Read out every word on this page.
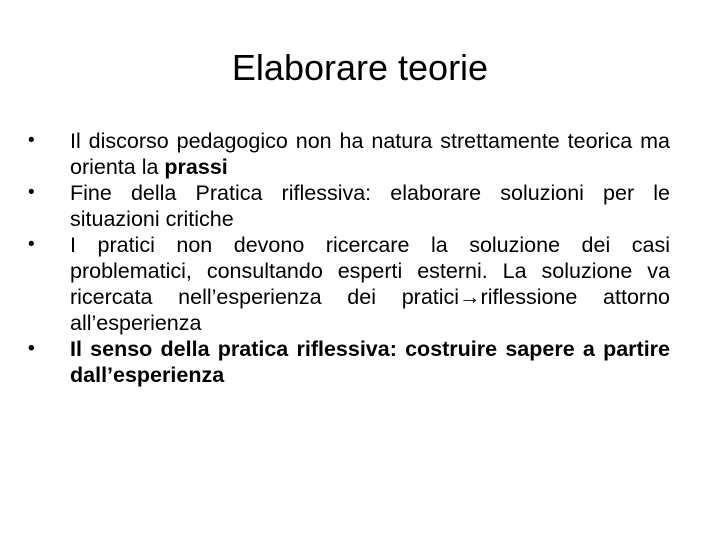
Elaborare teorie
•	Il discorso pedagogico non ha natura strettamente teorica ma orienta la prassi
•	Fine della Pratica riflessiva: elaborare soluzioni per le situazioni critiche
•	I pratici non devono ricercare la soluzione dei casi problematici, consultando esperti esterni. La soluzione va ricercata nell’esperienza dei pratici→riflessione attorno all’esperienza
•	Il senso della pratica riflessiva: costruire sapere a partire dall’esperienza
